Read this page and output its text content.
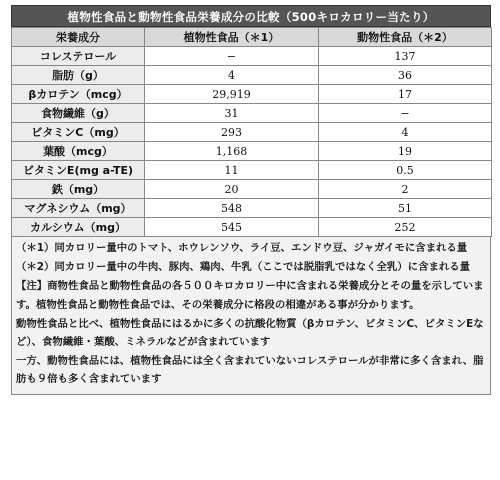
植物性食品と動物性食品栄養成分の比較（500キロカロリー当たり）
栄養成分	植物性食品（＊1）	動物性食品（＊2）
コレステロール	−	137
脂肪（g）	4	36
βカロテン（mcg）	29,919	17
食物繊維（g）	31	−
ビタミンC（mg）	293	4
葉酸（mcg）	1,168	19
ビタミンE(mg a-TE)	11	0.5
鉄（mg）	20	2
マグネシウム（mg）	548	51
カルシウム（mg）	545	252

（＊1）同カロリー量中のトマト、ホウレンソウ、ライ豆、エンドウ豆、ジャガイモに含まれる量

（＊2）同カロリー量中の牛肉、豚肉、鶏肉、牛乳（ここでは脱脂乳ではなく全乳）に含まれる量

【注】商物性食品と動物性食品の各５００キロカロリー中に含まれる栄養成分とその量を示しています。植物性食品と動物性食品では、その栄養成分に格段の相違がある事が分かります。

動物性食品と比べ、植物性食品にはるかに多くの抗酸化物質（βカロテン、ビタミンC、ビタミンEなど）、食物繊維・葉酸、ミネラルなどが含まれています

一方、動物性食品には、植物性食品には全く含まれていないコレステロールが非常に多く含まれ、脂肪も９倍も多く含まれています
